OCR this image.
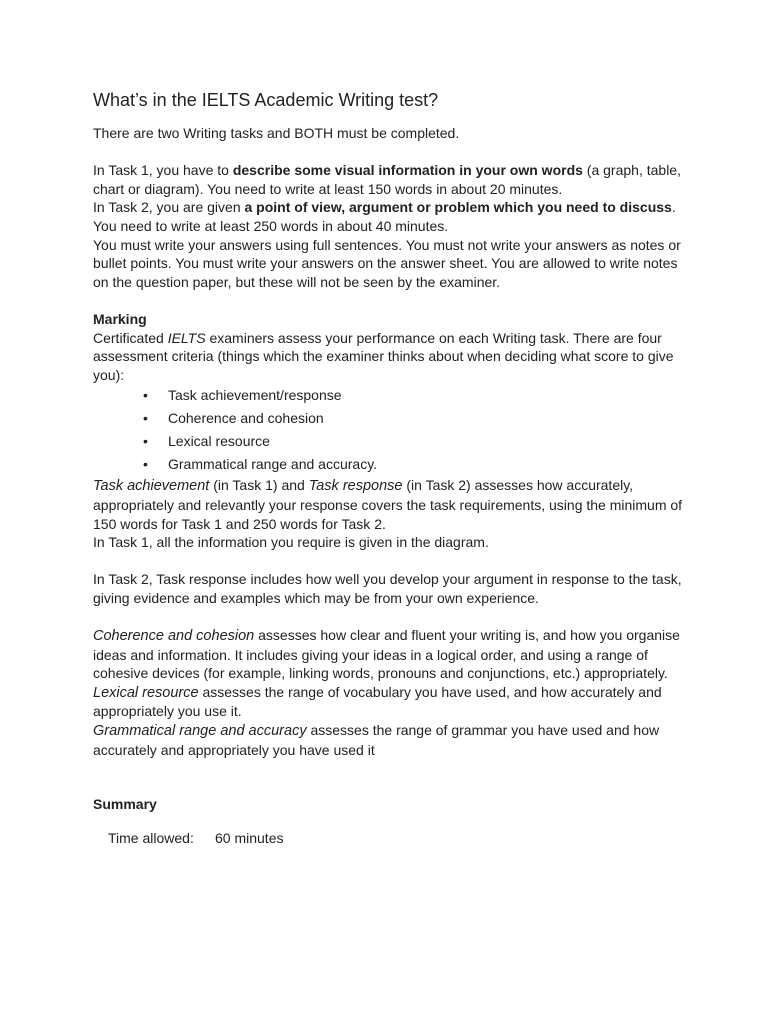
What’s in the IELTS Academic Writing test?

There are two Writing tasks and BOTH must be completed.

In Task 1, you have to describe some visual information in your own words (a graph, table, chart or diagram). You need to write at least 150 words in about 20 minutes.

In Task 2, you are given a point of view, argument or problem which you need to discuss. You need to write at least 250 words in about 40 minutes.

You must write your answers using full sentences. You must not write your answers as notes or bullet points. You must write your answers on the answer sheet. You are allowed to write notes on the question paper, but these will not be seen by the examiner.

Marking

Certificated IELTS examiners assess your performance on each Writing task. There are four assessment criteria (things which the examiner thinks about when deciding what score to give you):

• Task achievement/response
• Coherence and cohesion
• Lexical resource
• Grammatical range and accuracy.

Task achievement (in Task 1) and Task response (in Task 2) assesses how accurately, appropriately and relevantly your response covers the task requirements, using the minimum of 150 words for Task 1 and 250 words for Task 2.

In Task 1, all the information you require is given in the diagram.

In Task 2, Task response includes how well you develop your argument in response to the task, giving evidence and examples which may be from your own experience.

Coherence and cohesion assesses how clear and fluent your writing is, and how you organise ideas and information. It includes giving your ideas in a logical order, and using a range of cohesive devices (for example, linking words, pronouns and conjunctions, etc.) appropriately.

Lexical resource assesses the range of vocabulary you have used, and how accurately and appropriately you use it.

Grammatical range and accuracy assesses the range of grammar you have used and how accurately and appropriately you have used it

Summary

Time allowed:	60 minutes
